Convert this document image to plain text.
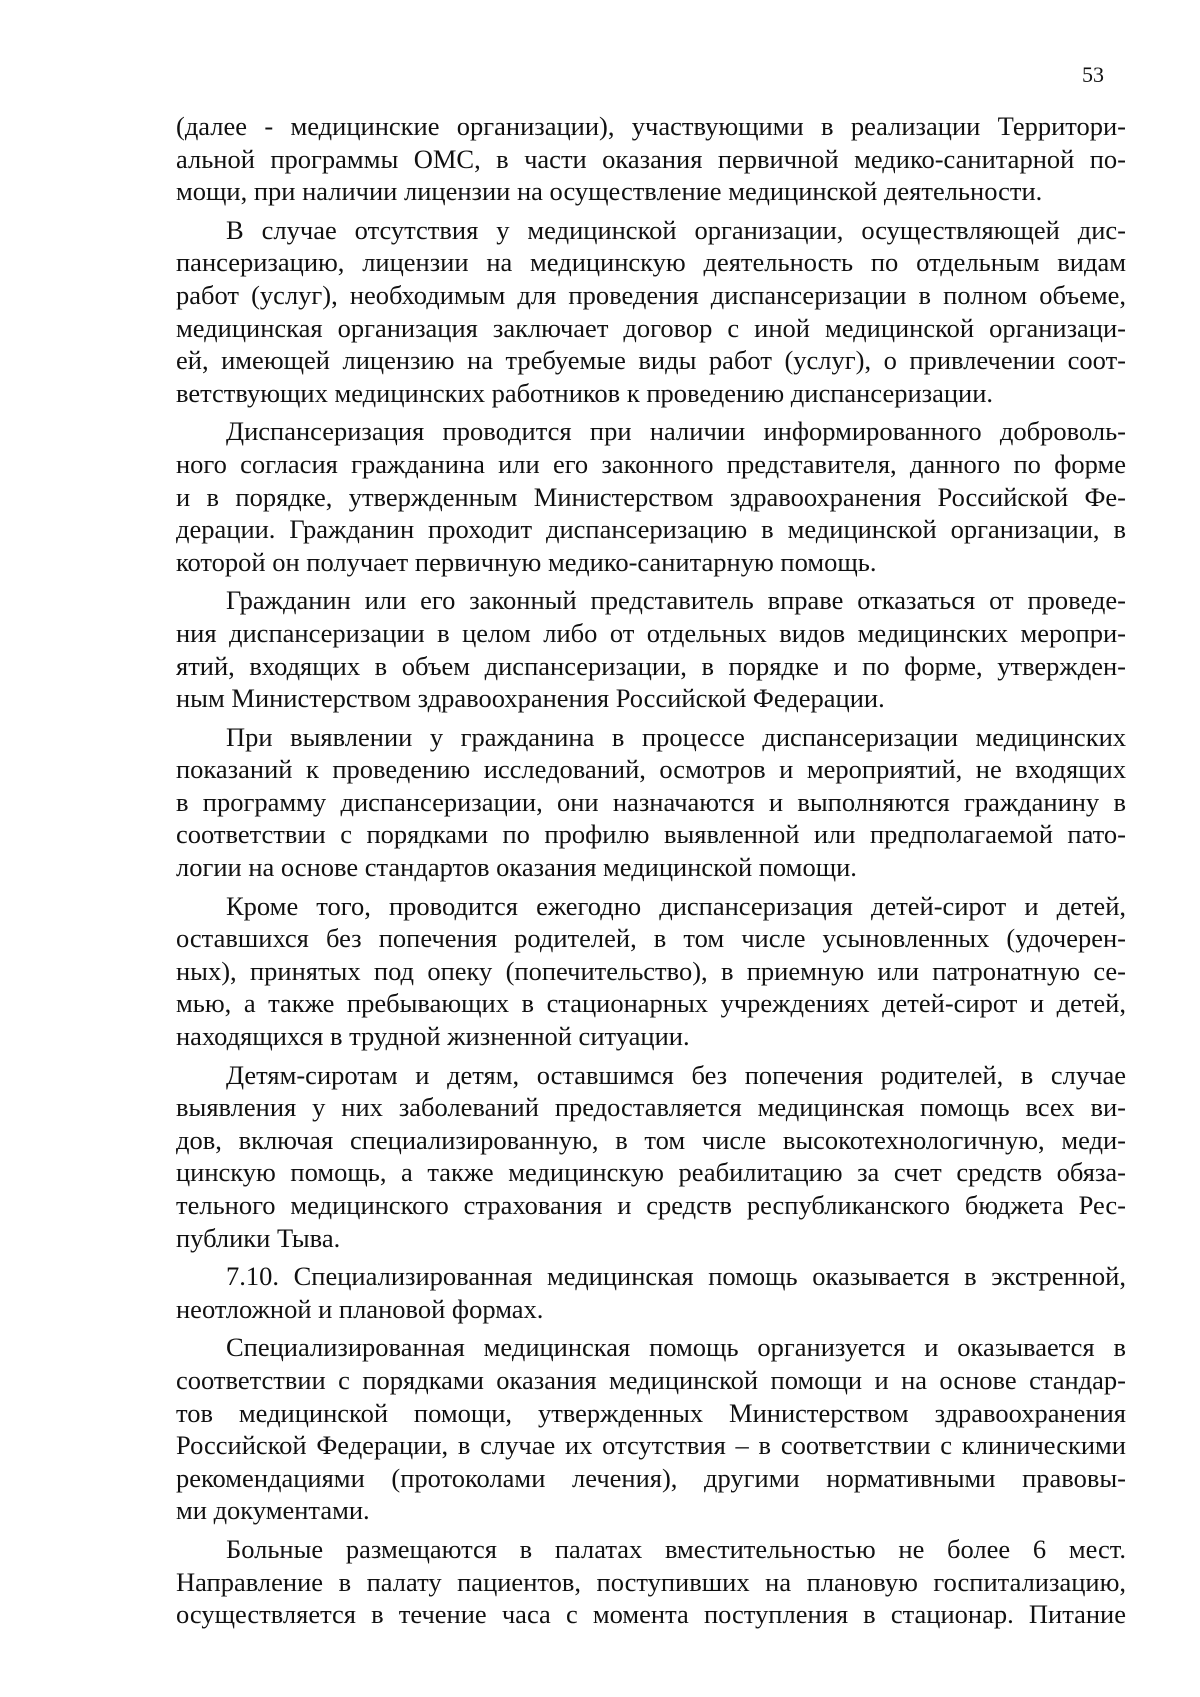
53
(далее - медицинские организации), участвующими в реализации Территори-
альной программы ОМС, в части оказания первичной медико-санитарной по-
мощи, при наличии лицензии на осуществление медицинской деятельности.
В случае отсутствия у медицинской организации, осуществляющей дис-
пансеризацию, лицензии на медицинскую деятельность по отдельным видам
работ (услуг), необходимым для проведения диспансеризации в полном объеме,
медицинская организация заключает договор с иной медицинской организаци-
ей, имеющей лицензию на требуемые виды работ (услуг), о привлечении соот-
ветствующих медицинских работников к проведению диспансеризации.
Диспансеризация проводится при наличии информированного доброволь-
ного согласия гражданина или его законного представителя, данного по форме
и в порядке, утвержденным Министерством здравоохранения Российской Фе-
дерации. Гражданин проходит диспансеризацию в медицинской организации, в
которой он получает первичную медико-санитарную помощь.
Гражданин или его законный представитель вправе отказаться от проведе-
ния диспансеризации в целом либо от отдельных видов медицинских меропри-
ятий, входящих в объем диспансеризации, в порядке и по форме, утвержден-
ным Министерством здравоохранения Российской Федерации.
При выявлении у гражданина в процессе диспансеризации медицинских
показаний к проведению исследований, осмотров и мероприятий, не входящих
в программу диспансеризации, они назначаются и выполняются гражданину в
соответствии с порядками по профилю выявленной или предполагаемой пато-
логии на основе стандартов оказания медицинской помощи.
Кроме того, проводится ежегодно диспансеризация детей-сирот и детей,
оставшихся без попечения родителей, в том числе усыновленных (удочерен-
ных), принятых под опеку (попечительство), в приемную или патронатную се-
мью, а также пребывающих в стационарных учреждениях детей-сирот и детей,
находящихся в трудной жизненной ситуации.
Детям-сиротам и детям, оставшимся без попечения родителей, в случае
выявления у них заболеваний предоставляется медицинская помощь всех ви-
дов, включая специализированную, в том числе высокотехнологичную, меди-
цинскую помощь, а также медицинскую реабилитацию за счет средств обяза-
тельного медицинского страхования и средств республиканского бюджета Рес-
публики Тыва.
7.10. Специализированная медицинская помощь оказывается в экстренной,
неотложной и плановой формах.
Специализированная медицинская помощь организуется и оказывается в
соответствии с порядками оказания медицинской помощи и на основе стандар-
тов медицинской помощи, утвержденных Министерством здравоохранения
Российской Федерации, в случае их отсутствия – в соответствии с клиническими
рекомендациями (протоколами лечения), другими нормативными правовы-
ми документами.
Больные размещаются в палатах вместительностью не более 6 мест.
Направление в палату пациентов, поступивших на плановую госпитализацию,
осуществляется в течение часа с момента поступления в стационар. Питание
